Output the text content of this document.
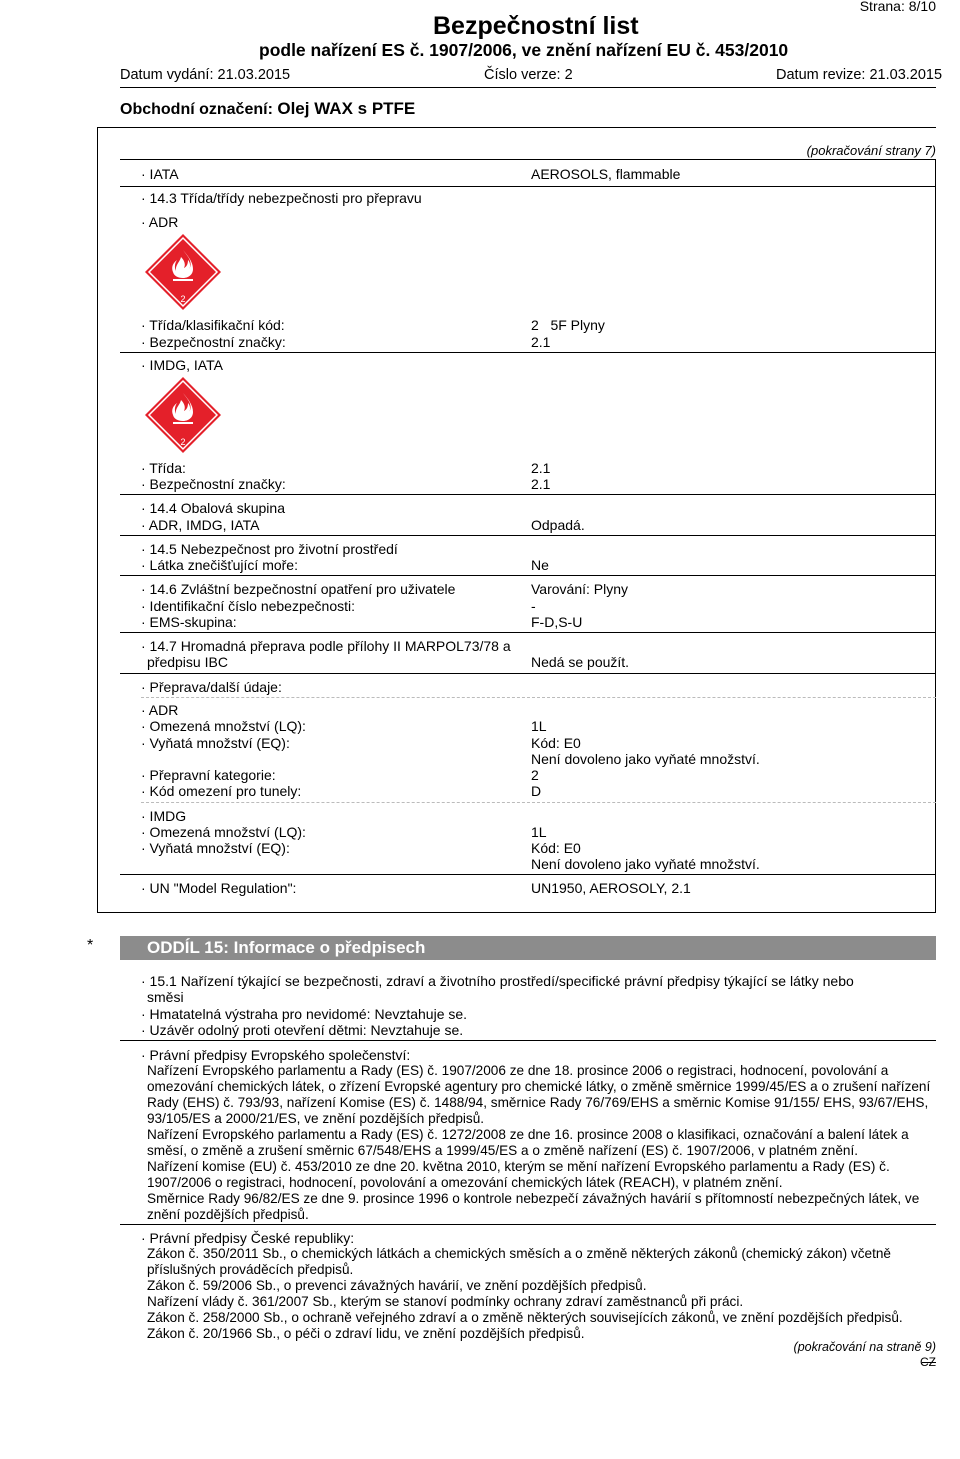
Strana: 8/10
Bezpečnostní list
podle nařízení ES č. 1907/2006, ve znění nařízení EU č. 453/2010
Datum vydání: 21.03.2015	Číslo verze: 2	Datum revize: 21.03.2015
Obchodní označení: Olej WAX s PTFE
(pokračování strany 7)
· IATA	AEROSOLS, flammable
· 14.3 Třída/třídy nebezpečnosti pro přepravu
· ADR
2
· Třída/klasifikační kód:	2   5F Plyny
· Bezpečnostní značky:	2.1
· IMDG, IATA
2
· Třída:	2.1
· Bezpečnostní značky:	2.1
· 14.4 Obalová skupina
· ADR, IMDG, IATA	Odpadá.
· 14.5 Nebezpečnost pro životní prostředí
· Látka znečišťující moře:	Ne
· 14.6 Zvláštní bezpečnostní opatření pro uživatele	Varování: Plyny
· Identifikační číslo nebezpečnosti:	-
· EMS-skupina:	F-D,S-U
· 14.7 Hromadná přeprava podle přílohy II MARPOL73/78 a
předpisu IBC	Nedá se použít.
· Přeprava/další údaje:
· ADR
· Omezená množství (LQ):	1L
· Vyňatá množství (EQ):	Kód: E0
Není dovoleno jako vyňaté množství.
· Přepravní kategorie:	2
· Kód omezení pro tunely:	D
· IMDG
· Omezená množství (LQ):	1L
· Vyňatá množství (EQ):	Kód: E0
Není dovoleno jako vyňaté množství.
· UN "Model Regulation":	UN1950, AEROSOLY, 2.1
*	ODDÍL 15: Informace o předpisech
· 15.1 Nařízení týkající se bezpečnosti, zdraví a životního prostředí/specifické právní předpisy týkající se látky nebo
směsi
· Hmatatelná výstraha pro nevidomé: Nevztahuje se.
· Uzávěr odolný proti otevření dětmi: Nevztahuje se.
· Právní předpisy Evropského společenství:
Nařízení Evropského parlamentu a Rady (ES) č. 1907/2006 ze dne 18. prosince 2006 o registraci, hodnocení, povolování a omezování chemických látek, o zřízení Evropské agentury pro chemické látky, o změně směrnice 1999/45/ES a o zrušení nařízení Rady (EHS) č. 793/93, nařízení Komise (ES) č. 1488/94, směrnice Rady 76/769/EHS a směrnic Komise 91/155/ EHS, 93/67/EHS, 93/105/ES a 2000/21/ES, ve znění pozdějších předpisů.
Nařízení Evropského parlamentu a Rady (ES) č. 1272/2008 ze dne 16. prosince 2008 o klasifikaci, označování a balení látek a směsí, o změně a zrušení směrnic 67/548/EHS a 1999/45/ES a o změně nařízení (ES) č. 1907/2006, v platném znění.
Nařízení komise (EU) č. 453/2010 ze dne 20. května 2010, kterým se mění nařízení Evropského parlamentu a Rady (ES) č. 1907/2006 o registraci, hodnocení, povolování a omezování chemických látek (REACH), v platném znění.
Směrnice Rady 96/82/ES ze dne 9. prosince 1996 o kontrole nebezpečí závažných havárií s přítomností nebezpečných látek, ve znění pozdějších předpisů.
· Právní předpisy České republiky:
Zákon č. 350/2011 Sb., o chemických látkách a chemických směsích a o změně některých zákonů (chemický zákon) včetně příslušných prováděcích předpisů.
Zákon č. 59/2006 Sb., o prevenci závažných havárií, ve znění pozdějších předpisů.
Nařízení vlády č. 361/2007 Sb., kterým se stanoví podmínky ochrany zdraví zaměstnanců při práci.
Zákon č. 258/2000 Sb., o ochraně veřejného zdraví a o změně některých souvisejících zákonů, ve znění pozdějších předpisů.
Zákon č. 20/1966 Sb., o péči o zdraví lidu, ve znění pozdějších předpisů.
(pokračování na straně 9)
CZ
